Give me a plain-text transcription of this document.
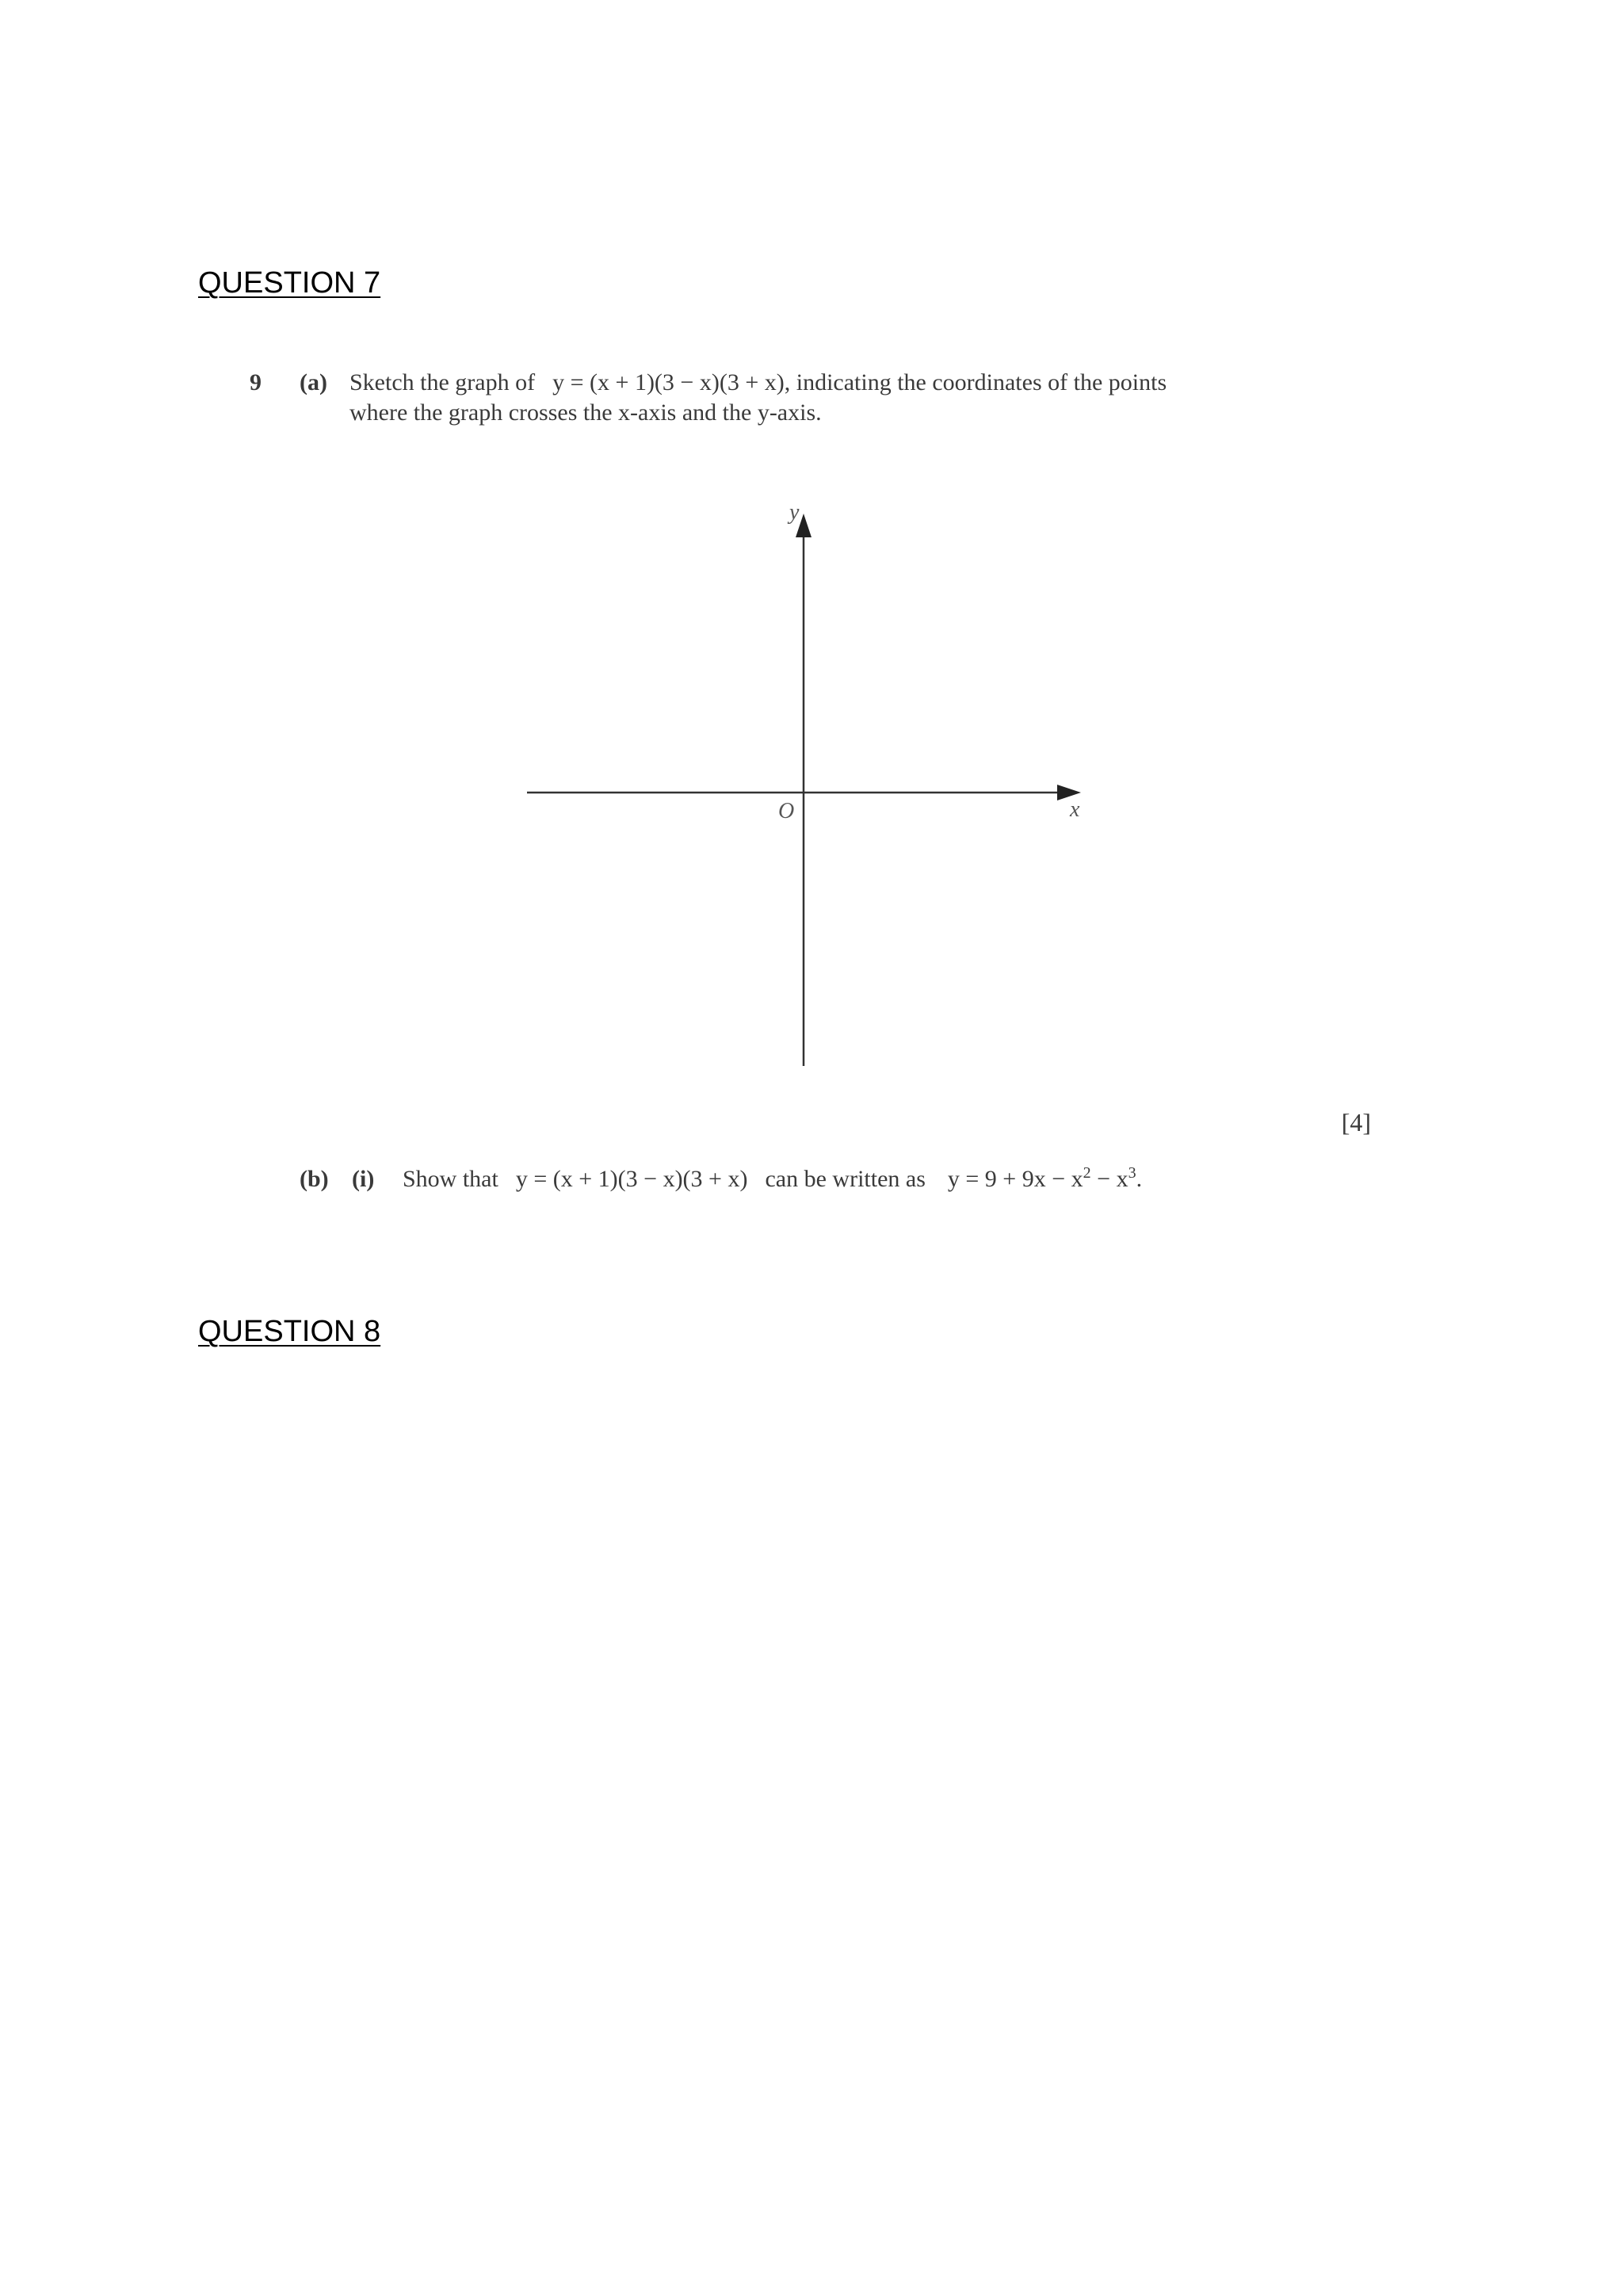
QUESTION 7
9 (a) Sketch the graph of y = (x + 1)(3 − x)(3 + x), indicating the coordinates of the points
where the graph crosses the x-axis and the y-axis.
y
x
O
[4]
(b) (i) Show that y = (x + 1)(3 − x)(3 + x) can be written as $y = 9 + 9x - x^2 - x^3$.
QUESTION 8
